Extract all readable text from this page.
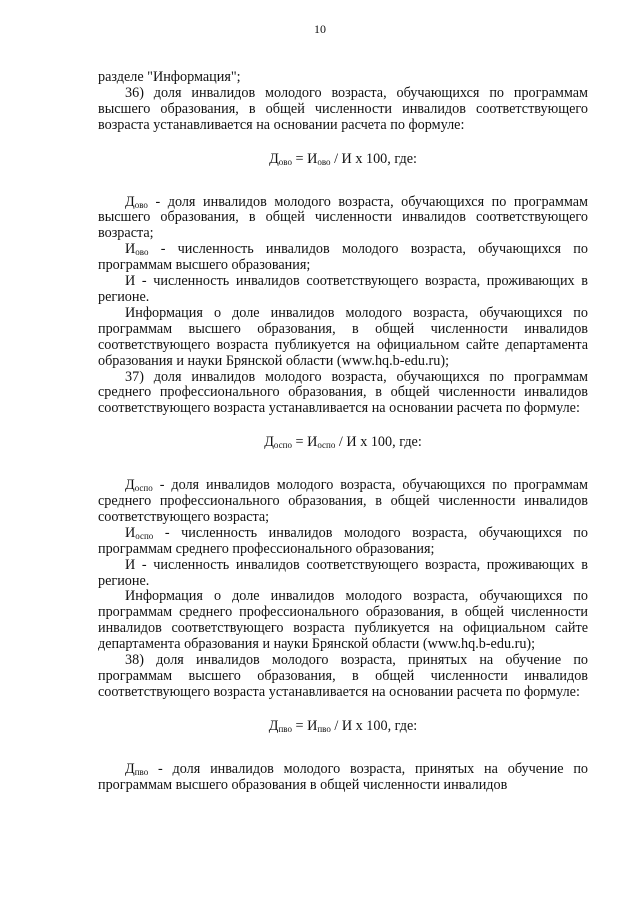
10

разделе "Информация";

36) доля инвалидов молодого возраста, обучающихся по программам высшего образования, в общей численности инвалидов соответствующего возраста устанавливается на основании расчета по формуле:

$Д_{ово} = И_{ово} / И$ х 100, где:

$Д_{ово}$ - доля инвалидов молодого возраста, обучающихся по программам высшего образования, в общей численности инвалидов соответствующего возраста;

$И_{ово}$ - численность инвалидов молодого возраста, обучающихся по программам высшего образования;

И - численность инвалидов соответствующего возраста, проживающих в регионе.

Информация о доле инвалидов молодого возраста, обучающихся по программам высшего образования, в общей численности инвалидов соответствующего возраста публикуется на официальном сайте департамента образования и науки Брянской области (www.hq.b-edu.ru);

37) доля инвалидов молодого возраста, обучающихся по программам среднего профессионального образования, в общей численности инвалидов соответствующего возраста устанавливается на основании расчета по формуле:

$Д_{оспо} = И_{оспо} / И$ х 100, где:

$Д_{оспо}$ - доля инвалидов молодого возраста, обучающихся по программам среднего профессионального образования, в общей численности инвалидов соответствующего возраста;

$И_{оспо}$ - численность инвалидов молодого возраста, обучающихся по программам среднего профессионального образования;

И - численность инвалидов соответствующего возраста, проживающих в регионе.

Информация о доле инвалидов молодого возраста, обучающихся по программам среднего профессионального образования, в общей численности инвалидов соответствующего возраста публикуется на официальном сайте департамента образования и науки Брянской области (www.hq.b-edu.ru);

38) доля инвалидов молодого возраста, принятых на обучение по программам высшего образования, в общей численности инвалидов соответствующего возраста устанавливается на основании расчета по формуле:

$Д_{пво} = И_{пво} / И$ х 100, где:

$Д_{пво}$ - доля инвалидов молодого возраста, принятых на обучение по программам высшего образования в общей численности инвалидов
